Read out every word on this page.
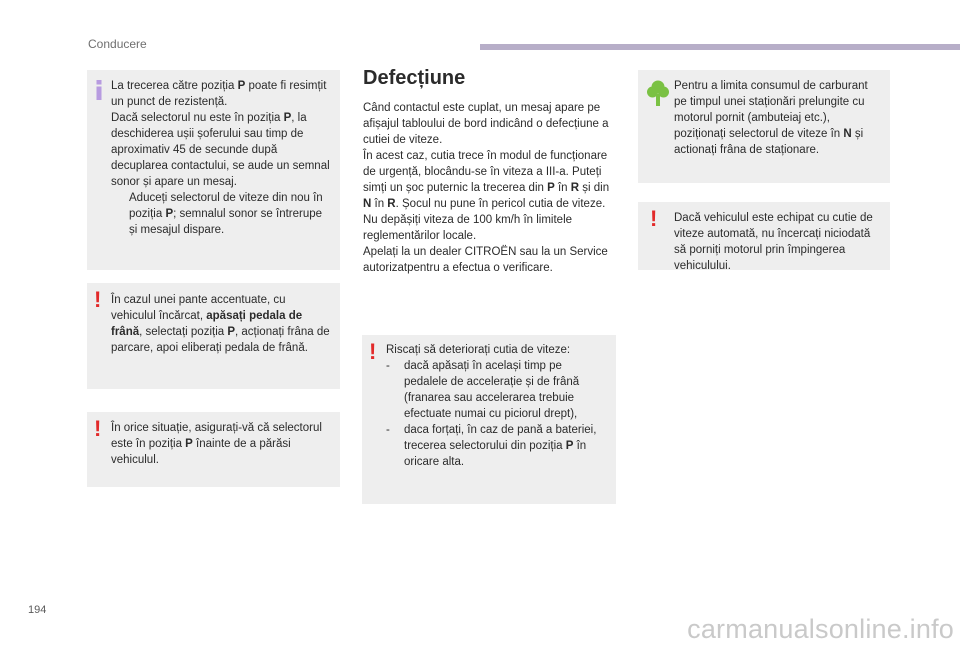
Conducere

La trecerea către poziția P poate fi resimțit un punct de rezistență.
Dacă selectorul nu este în poziția P, la deschiderea ușii șoferului sau timp de aproximativ 45 de secunde după decuplarea contactului, se aude un semnal sonor și apare un mesaj.

Aduceți selectorul de viteze din nou în poziția P; semnalul sonor se întrerupe și mesajul dispare.
! În cazul unei pante accentuate, cu vehiculul încărcat, apăsați pedala de frână, selectați poziția P, acționați frâna de parcare, apoi eliberați pedala de frână.

! În orice situație, asigurați-vă că selectorul este în poziția P înainte de a părăsi vehiculul.

Defecțiune

Când contactul este cuplat, un mesaj apare pe afișajul tabloului de bord indicând o defecțiune a cutiei de viteze.

În acest caz, cutia trece în modul de funcționare de urgență, blocându-se în viteza a III-a. Puteți simți un șoc puternic la trecerea din P în R și din N în R. Șocul nu pune în pericol cutia de viteze.

Nu depășiți viteza de 100 km/h în limitele reglementărilor locale.

Apelați la un dealer CITROËN sau la un Service autorizatpentru a efectua o verificare.

! Riscați să deteriorați cutia de viteze:

-	dacă apăsați în același timp pe pedalele de accelerație și de frână (franarea sau accelerarea trebuie efectuate numai cu piciorul drept),
-	daca forțați, în caz de pană a bateriei, trecerea selectorului din poziția P în oricare alta.

Pentru a limita consumul de carburant pe timpul unei staționări prelungite cu motorul pornit (ambuteiaj etc.), poziționați selectorul de viteze în N și actionați frâna de staționare.

! Dacă vehiculul este echipat cu cutie de viteze automată, nu încercați niciodată să porniți motorul prin împingerea vehiculului.

194
carmanualsonline.info
